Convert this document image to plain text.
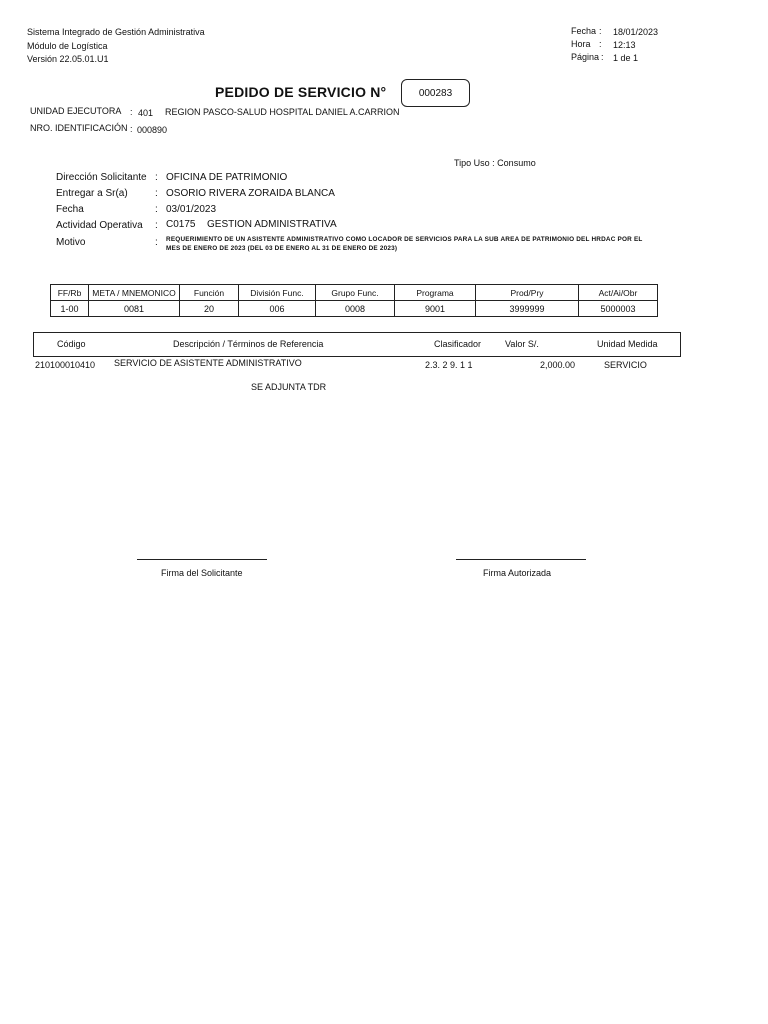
Sistema Integrado de Gestión Administrativa
Módulo de Logística
Versión 22.05.01.U1
Fecha : 18/01/2023
Hora : 12:13
Página : 1 de 1
PEDIDO DE SERVICIO N°	000283
UNIDAD EJECUTORA : 401 REGION PASCO-SALUD HOSPITAL DANIEL A.CARRION
NRO. IDENTIFICACIÓN : 000890
Tipo Uso : Consumo
Dirección Solicitante : OFICINA DE PATRIMONIO
Entregar a Sr(a)	: OSORIO RIVERA ZORAIDA BLANCA
Fecha	: 03/01/2023
Actividad Operativa : C0175 GESTION ADMINISTRATIVA
Motivo	: REQUERIMIENTO DE UN ASISTENTE ADMINISTRATIVO COMO LOCADOR DE SERVICIOS PARA LA SUB AREA DE PATRIMONIO DEL HRDAC POR EL MES DE ENERO DE 2023 (DEL 03 DE ENERO AL 31 DE ENERO DE 2023)
FF/Rb	META / MNEMONICO	Función	División Func.	Grupo Func.	Programa	Prod/Pry	Act/Ai/Obr
1-00	0081	20	006	0008	9001	3999999	5000003
Código	Descripción / Términos de Referencia	Clasificador	Valor S/.	Unidad Medida
210100010410 SERVICIO DE ASISTENTE ADMINISTRATIVO	2.3. 2 9. 1 1	2,000.00	SERVICIO
SE ADJUNTA TDR
Firma del Solicitante	Firma Autorizada
